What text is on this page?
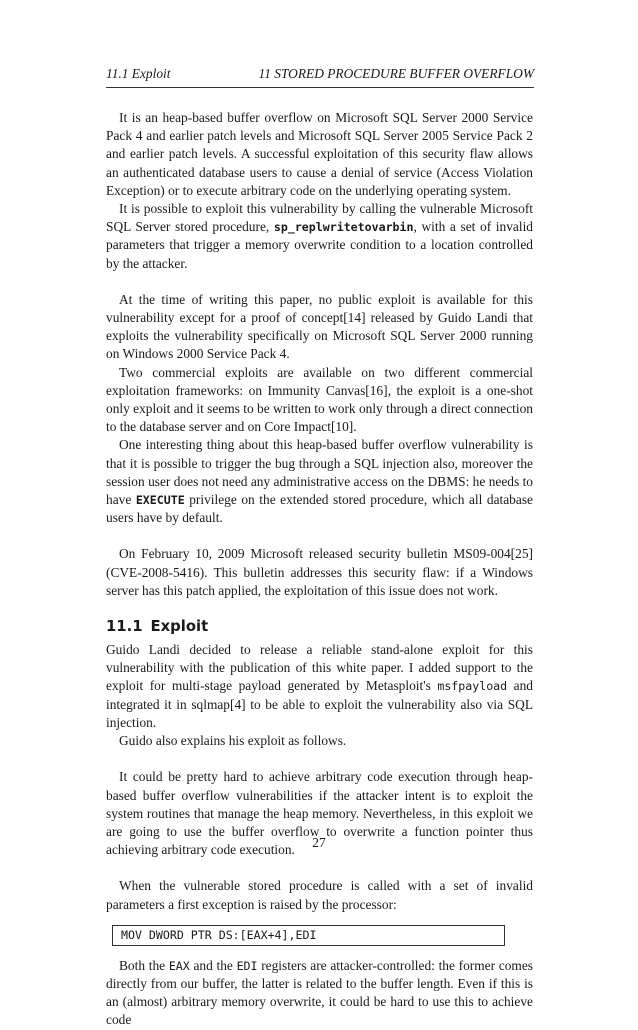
11.1 Exploit	11 STORED PROCEDURE BUFFER OVERFLOW

It is an heap-based buffer overflow on Microsoft SQL Server 2000 Service Pack 4 and earlier patch levels and Microsoft SQL Server 2005 Service Pack 2 and earlier patch levels. A successful exploitation of this security flaw allows an authenticated database users to cause a denial of service (Access Violation Exception) or to execute arbitrary code on the underlying operating system.

It is possible to exploit this vulnerability by calling the vulnerable Microsoft SQL Server stored procedure, sp_replwritetovarbin, with a set of invalid parameters that trigger a memory overwrite condition to a location controlled by the attacker.

At the time of writing this paper, no public exploit is available for this vulnerability except for a proof of concept[14] released by Guido Landi that exploits the vulnerability specifically on Microsoft SQL Server 2000 running on Windows 2000 Service Pack 4.

Two commercial exploits are available on two different commercial exploitation frameworks: on Immunity Canvas[16], the exploit is a one-shot only exploit and it seems to be written to work only through a direct connection to the database server and on Core Impact[10].

One interesting thing about this heap-based buffer overflow vulnerability is that it is possible to trigger the bug through a SQL injection also, moreover the session user does not need any administrative access on the DBMS: he needs to have EXECUTE privilege on the extended stored procedure, which all database users have by default.

On February 10, 2009 Microsoft released security bulletin MS09-004[25] (CVE-2008-5416). This bulletin addresses this security flaw: if a Windows server has this patch applied, the exploitation of this issue does not work.

11.1 Exploit

Guido Landi decided to release a reliable stand-alone exploit for this vulnerability with the publication of this white paper. I added support to the exploit for multi-stage payload generated by Metasploit's msfpayload and integrated it in sqlmap[4] to be able to exploit the vulnerability also via SQL injection.

Guido also explains his exploit as follows.

It could be pretty hard to achieve arbitrary code execution through heap-based buffer overflow vulnerabilities if the attacker intent is to exploit the system routines that manage the heap memory. Nevertheless, in this exploit we are going to use the buffer overflow to overwrite a function pointer thus achieving arbitrary code execution.

When the vulnerable stored procedure is called with a set of invalid parameters a first exception is raised by the processor:

MOV DWORD PTR DS:[EAX+4],EDI

Both the EAX and the EDI registers are attacker-controlled: the former comes directly from our buffer, the latter is related to the buffer length. Even if this is an (almost) arbitrary memory overwrite, it could be hard to use this to achieve code

27
